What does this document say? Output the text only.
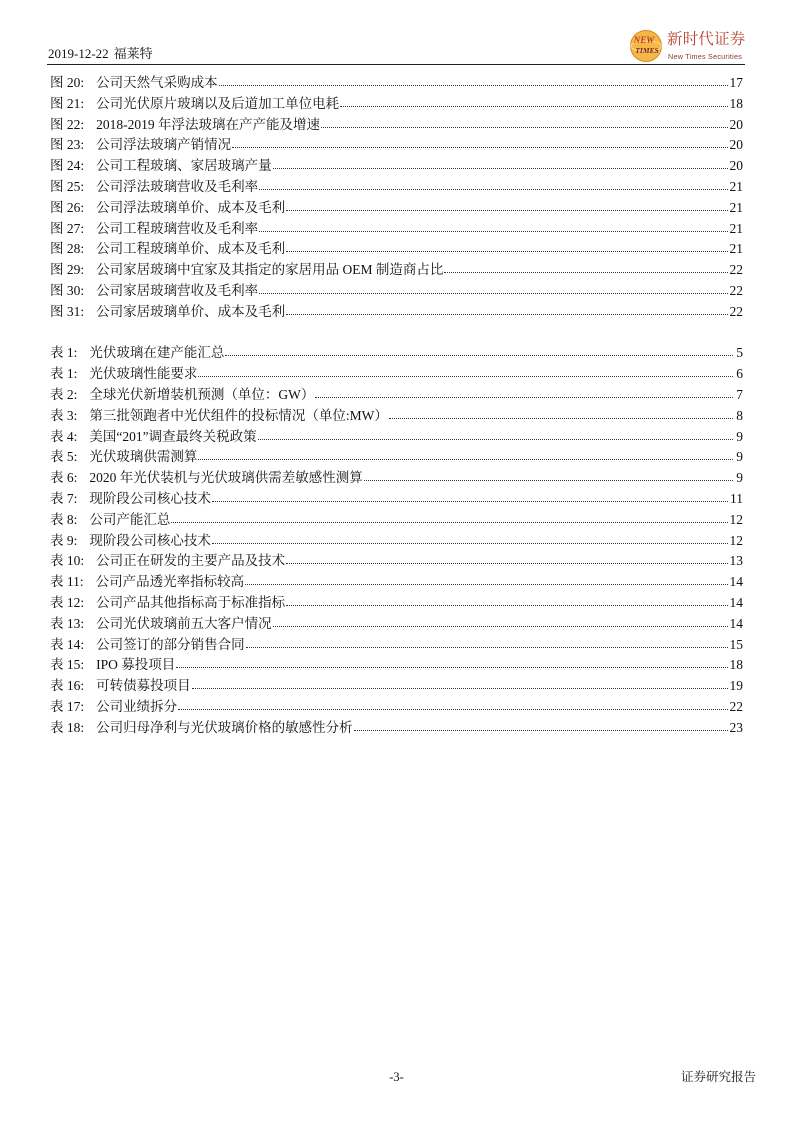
2019-12-22 福莱特
NEW
TIMES
新时代证券
New Times Securities
图 20: 公司天然气采购成本	17
图 21: 公司光伏原片玻璃以及后道加工单位电耗	18
图 22: 2018-2019 年浮法玻璃在产产能及增速	20
图 23: 公司浮法玻璃产销情况	20
图 24: 公司工程玻璃、家居玻璃产量	20
图 25: 公司浮法玻璃营收及毛利率	21
图 26: 公司浮法玻璃单价、成本及毛利	21
图 27: 公司工程玻璃营收及毛利率	21
图 28: 公司工程玻璃单价、成本及毛利	21
图 29: 公司家居玻璃中宜家及其指定的家居用品 OEM 制造商占比	22
图 30: 公司家居玻璃营收及毛利率	22
图 31: 公司家居玻璃单价、成本及毛利	22
表 1: 光伏玻璃在建产能汇总	5
表 1: 光伏玻璃性能要求	6
表 2: 全球光伏新增装机预测（单位：GW）	7
表 3: 第三批领跑者中光伏组件的投标情况（单位:MW）	8
表 4: 美国“201”调查最终关税政策	9
表 5: 光伏玻璃供需测算	9
表 6: 2020 年光伏装机与光伏玻璃供需差敏感性测算	9
表 7: 现阶段公司核心技术	11
表 8: 公司产能汇总	12
表 9: 现阶段公司核心技术	12
表 10: 公司正在研发的主要产品及技术	13
表 11: 公司产品透光率指标较高	14
表 12: 公司产品其他指标高于标准指标	14
表 13: 公司光伏玻璃前五大客户情况	14
表 14: 公司签订的部分销售合同	15
表 15: IPO 募投项目	18
表 16: 可转债募投项目	19
表 17: 公司业绩拆分	22
表 18: 公司归母净利与光伏玻璃价格的敏感性分析	23
-3-	证券研究报告
